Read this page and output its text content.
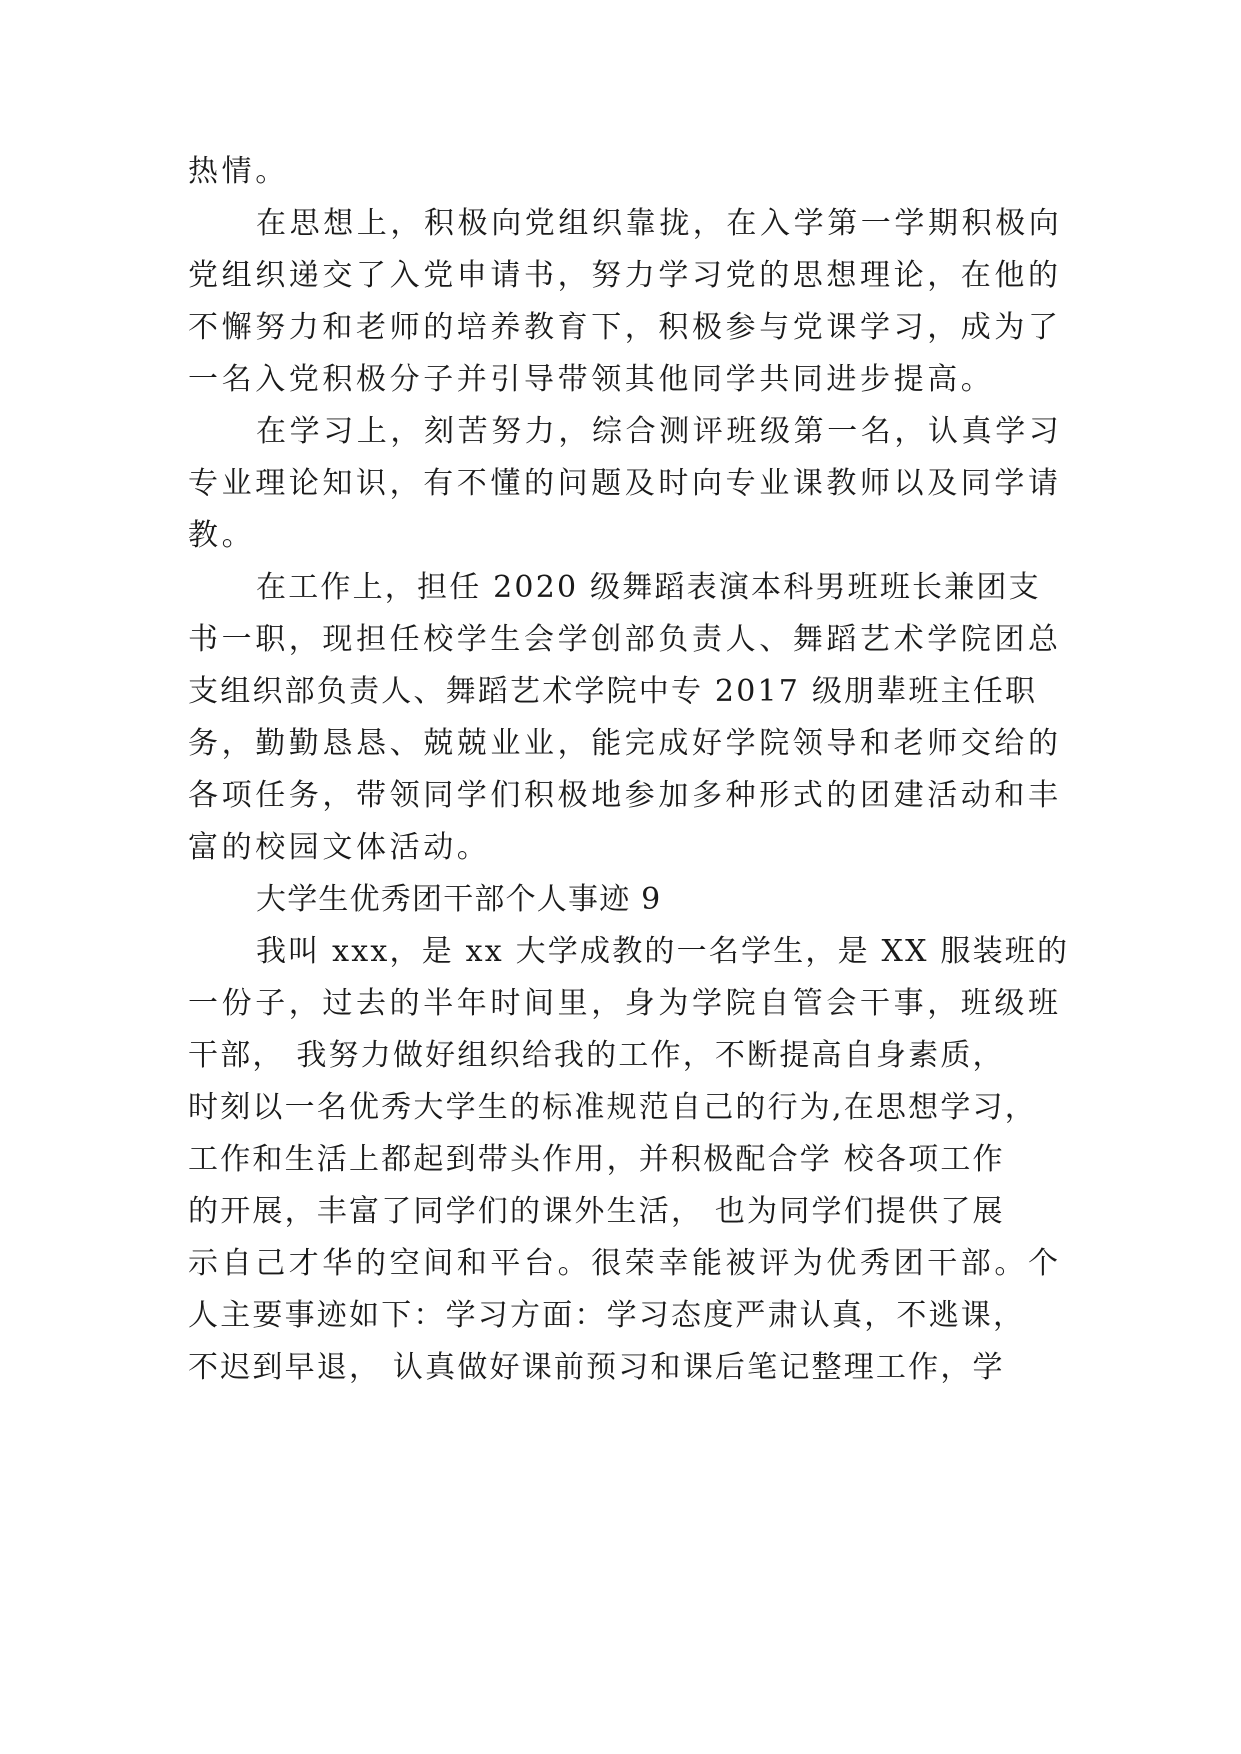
热情。
在思想上，积极向党组织靠拢，在入学第一学期积极向
党组织递交了入党申请书，努力学习党的思想理论，在他的
不懈努力和老师的培养教育下，积极参与党课学习，成为了
一名入党积极分子并引导带领其他同学共同进步提高。
在学习上，刻苦努力，综合测评班级第一名，认真学习
专业理论知识，有不懂的问题及时向专业课教师以及同学请
教。
在工作上，担任 2020 级舞蹈表演本科男班班长兼团支
书一职，现担任校学生会学创部负责人、舞蹈艺术学院团总
支组织部负责人、舞蹈艺术学院中专 2017 级朋辈班主任职
务，勤勤恳恳、兢兢业业，能完成好学院领导和老师交给的
各项任务，带领同学们积极地参加多种形式的团建活动和丰
富的校园文体活动。
大学生优秀团干部个人事迹 9
我叫 xxx，是 xx 大学成教的一名学生，是 XX 服装班的
一份子，过去的半年时间里，身为学院自管会干事，班级班
干部， 我努力做好组织给我的工作，不断提高自身素质，
时刻以一名优秀大学生的标准规范自己的行为,在思想学习，
工作和生活上都起到带头作用，并积极配合学 校各项工作
的开展，丰富了同学们的课外生活， 也为同学们提供了展
示自己才华的空间和平台。很荣幸能被评为优秀团干部。个
人主要事迹如下：学习方面：学习态度严肃认真，不逃课，
不迟到早退， 认真做好课前预习和课后笔记整理工作，学
